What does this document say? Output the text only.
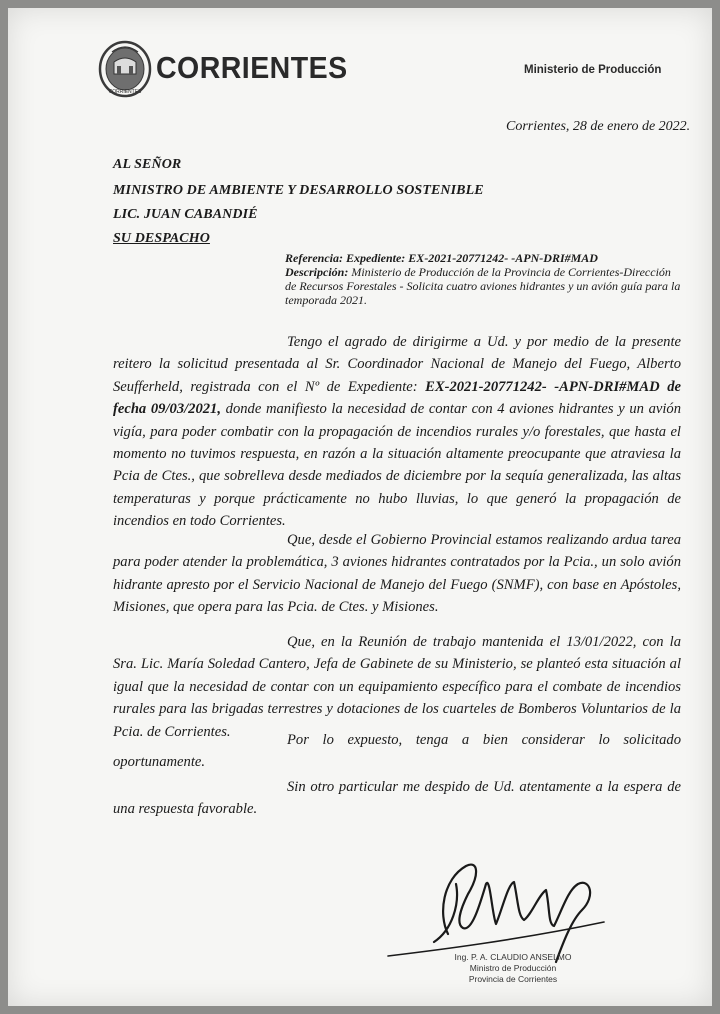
CORRIENTES
CORRIENTES	Ministerio de Producción
Corrientes, 28 de enero de 2022.
AL SEÑOR
MINISTRO DE AMBIENTE Y DESARROLLO SOSTENIBLE
LIC. JUAN CABANDIÉ
SU DESPACHO
Referencia: Expediente: EX-2021-20771242- -APN-DRI#MAD
Descripción: Ministerio de Producción de la Provincia de Corrientes-Dirección de Recursos Forestales - Solicita cuatro aviones hidrantes y un avión guía para la temporada 2021.

Tengo el agrado de dirigirme a Ud. y por medio de la presente reitero la solicitud presentada al Sr. Coordinador Nacional de Manejo del Fuego, Alberto Seufferheld, registrada con el Nº de Expediente: EX-2021-20771242- -APN-DRI#MAD de fecha 09/03/2021, donde manifiesto la necesidad de contar con 4 aviones hidrantes y un avión vigía, para poder combatir con la propagación de incendios rurales y/o forestales, que hasta el momento no tuvimos respuesta, en razón a la situación altamente preocupante que atraviesa la Pcia de Ctes., que sobrelleva desde mediados de diciembre por la sequía generalizada, las altas temperaturas y porque prácticamente no hubo lluvias, lo que generó la propagación de incendios en todo Corrientes.

Que, desde el Gobierno Provincial estamos realizando ardua tarea para poder atender la problemática, 3 aviones hidrantes contratados por la Pcia., un solo avión hidrante apresto por el Servicio Nacional de Manejo del Fuego (SNMF), con base en Apóstoles, Misiones, que opera para las Pcia. de Ctes. y Misiones.

Que, en la Reunión de trabajo mantenida el 13/01/2022, con la Sra. Lic. María Soledad Cantero, Jefa de Gabinete de su Ministerio, se planteó esta situación al igual que la necesidad de contar con un equipamiento específico para el combate de incendios rurales para las brigadas terrestres y dotaciones de los cuarteles de Bomberos Voluntarios de la Pcia. de Corrientes.

Por lo expuesto, tenga a bien considerar lo solicitado oportunamente.

Sin otro particular me despido de Ud. atentamente a la espera de una respuesta favorable.

Ing. P. A. CLAUDIO ANSELMO
Ministro de Producción
Provincia de Corrientes
